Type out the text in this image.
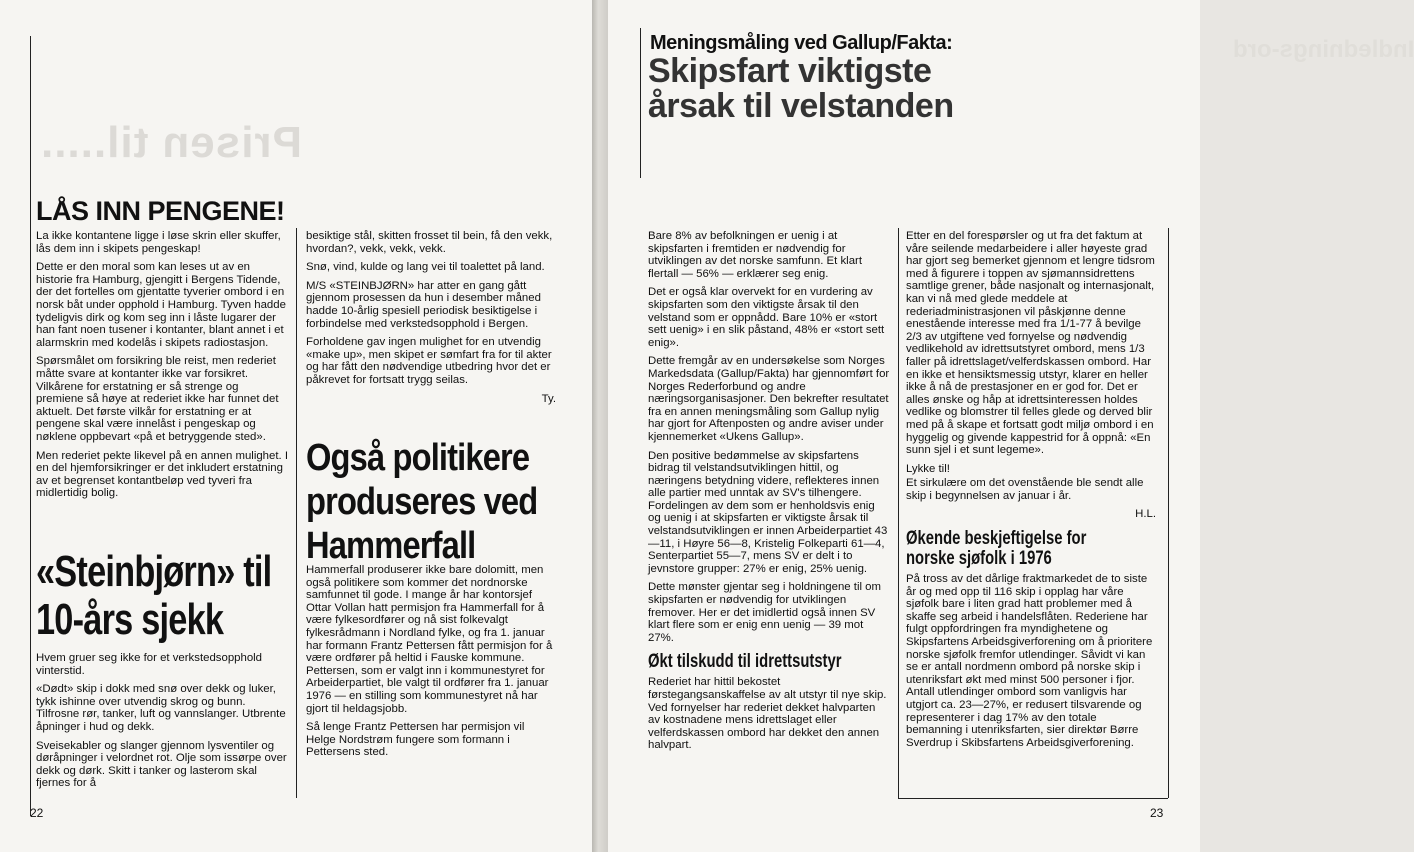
Prisen til.....
LÅS INN PENGENE!

La ikke kontantene ligge i løse skrin eller skuffer, lås dem inn i skipets pengeskap!

Dette er den moral som kan leses ut av en historie fra Hamburg, gjengitt i Bergens Tidende, der det fortelles om gjentatte tyverier ombord i en norsk båt under opphold i Hamburg. Tyven hadde tydeligvis dirk og kom seg inn i låste lugarer der han fant noen tusener i kontanter, blant annet i et alarmskrin med kodelås i skipets radiostasjon.

Spørsmålet om forsikring ble reist, men rederiet måtte svare at kontanter ikke var forsikret. Vilkårene for erstatning er så strenge og premiene så høye at rederiet ikke har funnet det aktuelt. Det første vilkår for erstatning er at pengene skal være innelåst i pengeskap og nøklene oppbevart «på et betryggende sted».

Men rederiet pekte likevel på en annen mulighet. I en del hjemforsikringer er det inkludert erstatning av et begrenset kontantbeløp ved tyveri fra midlertidig bolig.

«Steinbjørn» til 10-års sjekk

Hvem gruer seg ikke for et verkstedsopphold vinterstid.

«Dødt» skip i dokk med snø over dekk og luker, tykk ishinne over utvendig skrog og bunn. Tilfrosne rør, tanker, luft og vannslanger. Utbrente åpninger i hud og dekk.

Sveisekabler og slanger gjennom lysventiler og døråpninger i velordnet rot. Olje som issørpe over dekk og dørk. Skitt i tanker og lasterom skal fjernes for å

besiktige stål, skitten frosset til bein, få den vekk, hvordan?, vekk, vekk, vekk.

Snø, vind, kulde og lang vei til toalettet på land.

M/S «STEINBJØRN» har atter en gang gått gjennom prosessen da hun i desember måned hadde 10-årlig spesiell periodisk besiktigelse i forbindelse med verkstedsopphold i Bergen.

Forholdene gav ingen mulighet for en utvendig «make up», men skipet er sømfart fra for til akter og har fått den nødvendige utbedring hvor det er påkrevet for fortsatt trygg seilas.

Ty.

Også politikere produseres ved Hammerfall

Hammerfall produserer ikke bare dolomitt, men også politikere som kommer det nordnorske samfunnet til gode. I mange år har kontorsjef Ottar Vollan hatt permisjon fra Hammerfall for å være fylkesordfører og nå sist folkevalgt fylkesrådmann i Nordland fylke, og fra 1. januar har formann Frantz Pettersen fått permisjon for å være ordfører på heltid i Fauske kommune. Pettersen, som er valgt inn i kommunestyret for Arbeiderpartiet, ble valgt til ordfører fra 1. januar 1976 — en stilling som kommunestyret nå har gjort til heldagsjobb.

Så lenge Frantz Pettersen har permisjon vil Helge Nordstrøm fungere som formann i Pettersens sted.

22
Indlednings-ord
Meningsmåling ved Gallup/Fakta:
Skipsfart viktigste årsak til velstanden

Bare 8% av befolkningen er uenig i at skipsfarten i fremtiden er nødvendig for utviklingen av det norske samfunn. Et klart flertall — 56% — erklærer seg enig.

Det er også klar overvekt for en vurdering av skipsfarten som den viktigste årsak til den velstand som er oppnådd. Bare 10% er «stort sett uenig» i en slik påstand, 48% er «stort sett enig».

Dette fremgår av en undersøkelse som Norges Markedsdata (Gallup/Fakta) har gjennomført for Norges Rederforbund og andre næringsorganisasjoner. Den bekrefter resultatet fra en annen meningsmåling som Gallup nylig har gjort for Aftenposten og andre aviser under kjennemerket «Ukens Gallup».

Den positive bedømmelse av skipsfartens bidrag til velstandsutviklingen hittil, og næringens betydning videre, reflekteres innen alle partier med unntak av SV's tilhengere. Fordelingen av dem som er henholdsvis enig og uenig i at skipsfarten er viktigste årsak til velstandsutviklingen er innen Arbeiderpartiet 43—11, i Høyre 56—8, Kristelig Folkeparti 61—4, Senterpartiet 55—7, mens SV er delt i to jevnstore grupper: 27% er enig, 25% uenig.

Dette mønster gjentar seg i holdningene til om skipsfarten er nødvendig for utviklingen fremover. Her er det imidlertid også innen SV klart flere som er enig enn uenig — 39 mot 27%.

Økt tilskudd til idrettsutstyr

Rederiet har hittil bekostet førstegangsanskaffelse av alt utstyr til nye skip. Ved fornyelser har rederiet dekket halvparten av kostnadene mens idrettslaget eller velferdskassen ombord har dekket den annen halvpart.

Etter en del forespørsler og ut fra det faktum at våre seilende medarbeidere i aller høyeste grad har gjort seg bemerket gjennom et lengre tidsrom med å figurere i toppen av sjømannsidrettens samtlige grener, både nasjonalt og internasjonalt, kan vi nå med glede meddele at rederiadministrasjonen vil påskjønne denne enestående interesse med fra 1/1-77 å bevilge 2/3 av utgiftene ved fornyelse og nødvendig vedlikehold av idrettsutstyret ombord, mens 1/3 faller på idrettslaget/velferdskassen ombord. Har en ikke et hensiktsmessig utstyr, klarer en heller ikke å nå de prestasjoner en er god for. Det er alles ønske og håp at idrettsinteressen holdes vedlike og blomstrer til felles glede og derved blir med på å skape et fortsatt godt miljø ombord i en hyggelig og givende kappestrid for å oppnå: «En sunn sjel i et sunt legeme».

Lykke til!

Et sirkulære om det ovenstående ble sendt alle skip i begynnelsen av januar i år.

H.L.

Økende beskjeftigelse for norske sjøfolk i 1976

På tross av det dårlige fraktmarkedet de to siste år og med opp til 116 skip i opplag har våre sjøfolk bare i liten grad hatt problemer med å skaffe seg arbeid i handelsflåten. Rederiene har fulgt oppfordringen fra myndighetene og Skipsfartens Arbeidsgiverforening om å prioritere norske sjøfolk fremfor utlendinger. Såvidt vi kan se er antall nordmenn ombord på norske skip i utenriksfart økt med minst 500 personer i fjor. Antall utlendinger ombord som vanligvis har utgjort ca. 23—27%, er redusert tilsvarende og representerer i dag 17% av den totale bemanning i utenriksfarten, sier direktør Børre Sverdrup i Skibsfartens Arbeidsgiverforening.

23
